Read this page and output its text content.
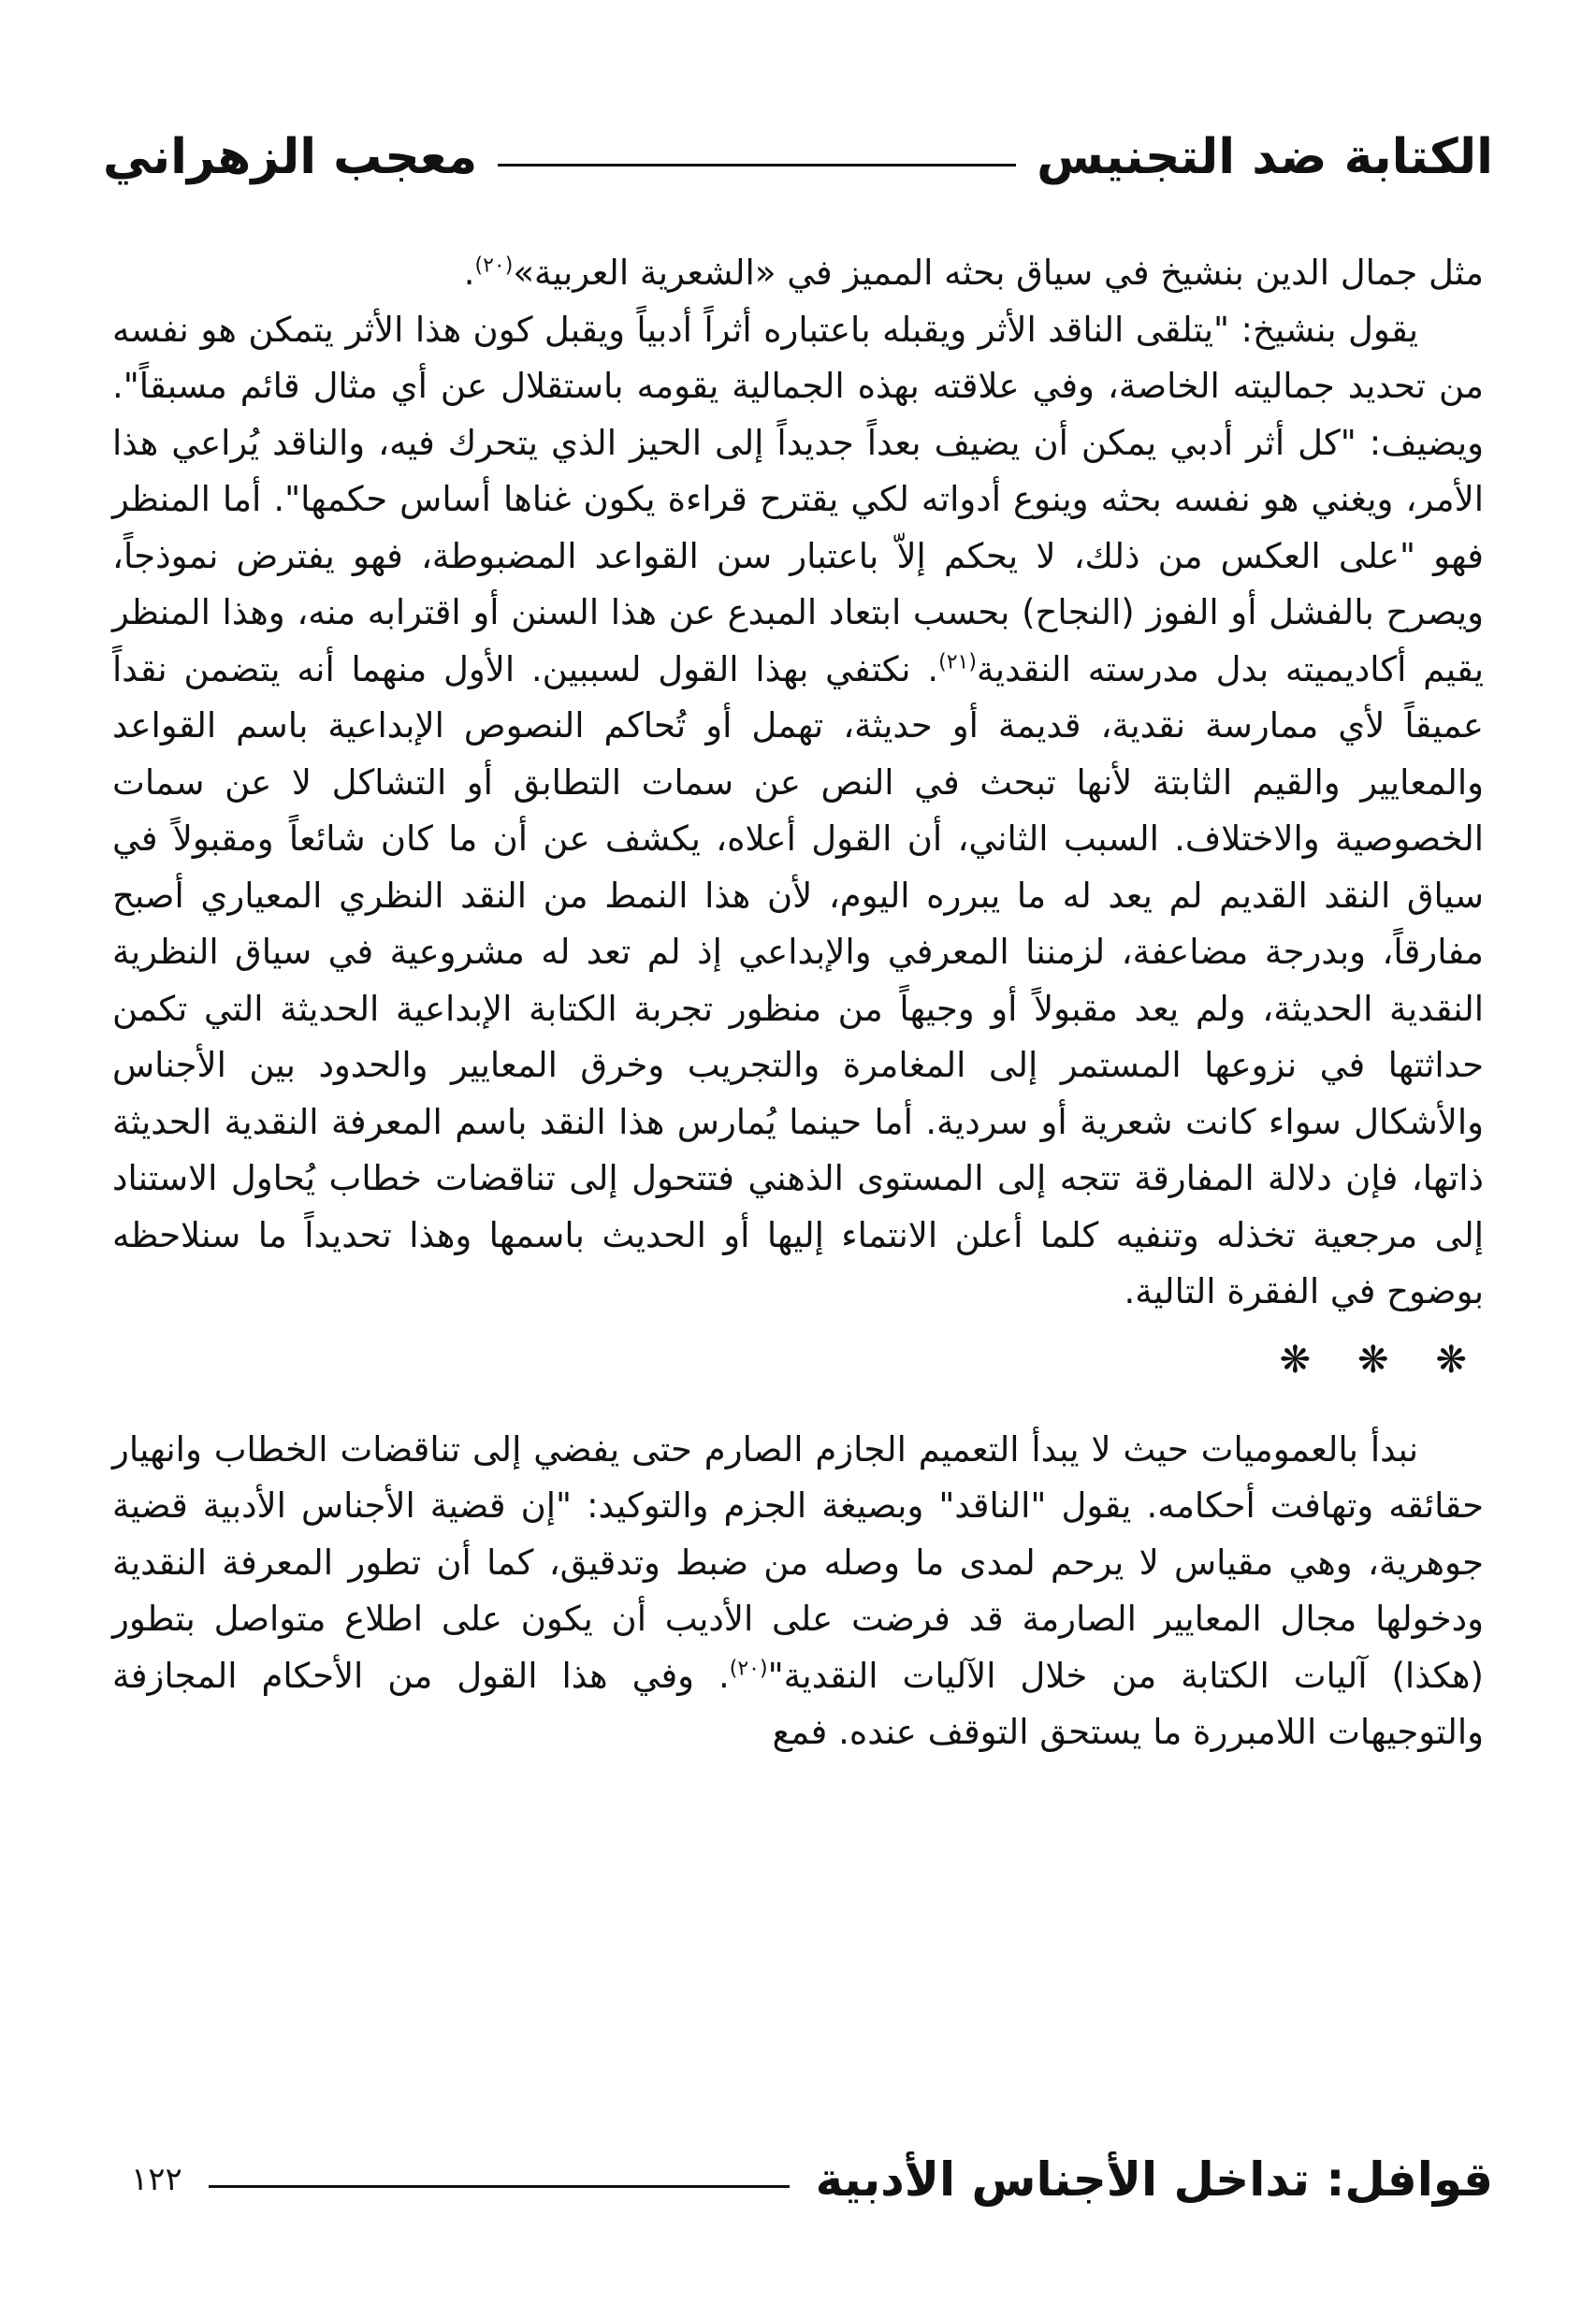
الكتابة ضد التجنيس
معجب الزهراني

مثل جمال الدين بنشيخ في سياق بحثه المميز في «الشعرية العربية»$^{(٢٠)}$.

يقول بنشيخ: "يتلقى الناقد الأثر ويقبله باعتباره أثراً أدبياً ويقبل كون هذا الأثر يتمكن هو نفسه من تحديد جماليته الخاصة، وفي علاقته بهذه الجمالية يقومه باستقلال عن أي مثال قائم مسبقاً". ويضيف: "كل أثر أدبي يمكن أن يضيف بعداً جديداً إلى الحيز الذي يتحرك فيه، والناقد يُراعي هذا الأمر، ويغني هو نفسه بحثه وينوع أدواته لكي يقترح قراءة يكون غناها أساس حكمها". أما المنظر فهو "على العكس من ذلك، لا يحكم إلاّ باعتبار سن القواعد المضبوطة، فهو يفترض نموذجاً، ويصرح بالفشل أو الفوز (النجاح) بحسب ابتعاد المبدع عن هذا السنن أو اقترابه منه، وهذا المنظر يقيم أكاديميته بدل مدرسته النقدية$^{(٢١)}$. نكتفي بهذا القول لسببين. الأول منهما أنه يتضمن نقداً عميقاً لأي ممارسة نقدية، قديمة أو حديثة، تهمل أو تُحاكم النصوص الإبداعية باسم القواعد والمعايير والقيم الثابتة لأنها تبحث في النص عن سمات التطابق أو التشاكل لا عن سمات الخصوصية والاختلاف. السبب الثاني، أن القول أعلاه، يكشف عن أن ما كان شائعاً ومقبولاً في سياق النقد القديم لم يعد له ما يبرره اليوم، لأن هذا النمط من النقد النظري المعياري أصبح مفارقاً، وبدرجة مضاعفة، لزمننا المعرفي والإبداعي إذ لم تعد له مشروعية في سياق النظرية النقدية الحديثة، ولم يعد مقبولاً أو وجيهاً من منظور تجربة الكتابة الإبداعية الحديثة التي تكمن حداثتها في نزوعها المستمر إلى المغامرة والتجريب وخرق المعايير والحدود بين الأجناس والأشكال سواء كانت شعرية أو سردية. أما حينما يُمارس هذا النقد باسم المعرفة النقدية الحديثة ذاتها، فإن دلالة المفارقة تتجه إلى المستوى الذهني فتتحول إلى تناقضات خطاب يُحاول الاستناد إلى مرجعية تخذله وتنفيه كلما أعلن الانتماء إليها أو الحديث باسمها وهذا تحديداً ما سنلاحظه بوضوح في الفقرة التالية.

❋ ❋ ❋

نبدأ بالعموميات حيث لا يبدأ التعميم الجازم الصارم حتى يفضي إلى تناقضات الخطاب وانهيار حقائقه وتهافت أحكامه. يقول "الناقد" وبصيغة الجزم والتوكيد: "إن قضية الأجناس الأدبية قضية جوهرية، وهي مقياس لا يرحم لمدى ما وصله من ضبط وتدقيق، كما أن تطور المعرفة النقدية ودخولها مجال المعايير الصارمة قد فرضت على الأديب أن يكون على اطلاع متواصل بتطور (هكذا) آليات الكتابة من خلال الآليات النقدية"$^{(٢٠)}$. وفي هذا القول من الأحكام المجازفة والتوجيهات اللامبررة ما يستحق التوقف عنده. فمع

قوافل: تداخل الأجناس الأدبية
١٢٢
